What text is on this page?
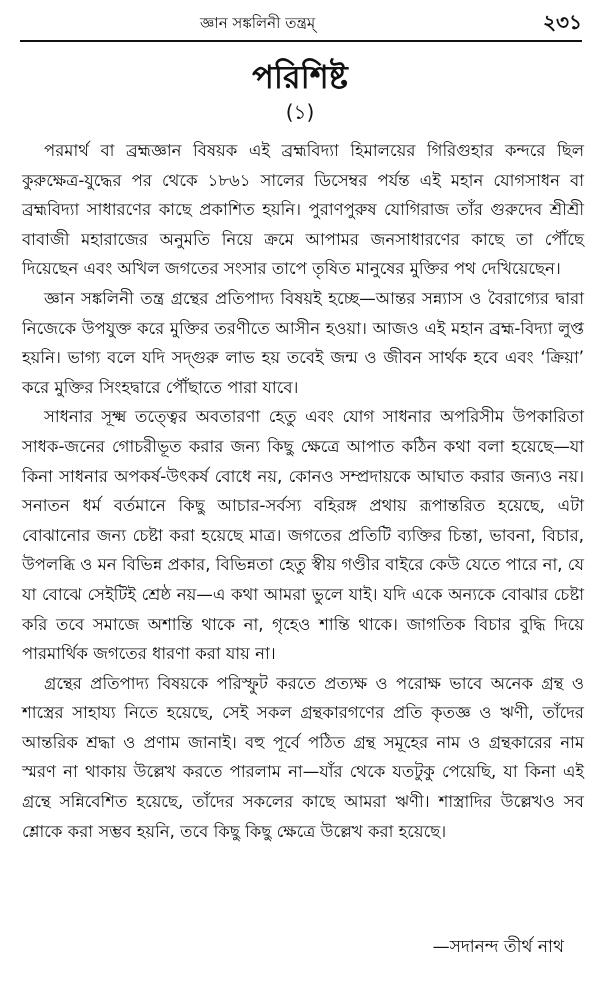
জ্ঞান সঙ্কলিনী তন্ত্রম্	২৩১
পরিশিষ্ট
(১)

পরমার্থ বা ব্রহ্মজ্ঞান বিষয়ক এই ব্রহ্মবিদ্যা হিমালয়ের গিরিগুহার কন্দরে ছিল কুরুক্ষেত্র-যুদ্ধের পর থেকে ১৮৬১ সালের ডিসেম্বর পর্যন্ত এই মহান যোগসাধন বা ব্রহ্মবিদ্যা সাধারণের কাছে প্রকাশিত হয়নি। পুরাণপুরুষ যোগিরাজ তাঁর গুরুদেব শ্রীশ্রী বাবাজী মহারাজের অনুমতি নিয়ে ক্রমে আপামর জনসাধারণের কাছে তা পৌঁছে দিয়েছেন এবং অখিল জগতের সংসার তাপে তৃষিত মানুষের মুক্তির পথ দেখিয়েছেন।

জ্ঞান সঙ্কলিনী তন্ত্র গ্রন্থের প্রতিপাদ্য বিষয়ই হচ্ছে—আন্তর সন্ন্যাস ও বৈরাগ্যের দ্বারা নিজেকে উপযুক্ত করে মুক্তির তরণীতে আসীন হওয়া। আজও এই মহান ব্রহ্ম-বিদ্যা লুপ্ত হয়নি। ভাগ্য বলে যদি সদ্‌গুরু লাভ হয় তবেই জন্ম ও জীবন সার্থক হবে এবং ‘ক্রিয়া’ করে মুক্তির সিংহদ্বারে পৌঁছাতে পারা যাবে।

সাধনার সূক্ষ্ম তত্ত্বের অবতারণা হেতু এবং যোগ সাধনার অপরিসীম উপকারিতা সাধক-জনের গোচরীভূত করার জন্য কিছু ক্ষেত্রে আপাত কঠিন কথা বলা হয়েছে—যা কিনা সাধনার অপকর্ষ-উৎকর্ষ বোধে নয়, কোনও সম্প্রদায়কে আঘাত করার জন্যও নয়। সনাতন ধর্ম বর্তমানে কিছু আচার-সর্বস্য বহিরঙ্গ প্রথায় রূপান্তরিত হয়েছে, এটা বোঝানোর জন্য চেষ্টা করা হয়েছে মাত্র। জগতের প্রতিটি ব্যক্তির চিন্তা, ভাবনা, বিচার, উপলব্ধি ও মন বিভিন্ন প্রকার, বিভিন্নতা হেতু স্বীয় গণ্ডীর বাইরে কেউ যেতে পারে না, যে যা বোঝে সেইটিই শ্রেষ্ঠ নয়—এ কথা আমরা ভুলে যাই। যদি একে অন্যকে বোঝার চেষ্টা করি তবে সমাজে অশান্তি থাকে না, গৃহেও শান্তি থাকে। জাগতিক বিচার বুদ্ধি দিয়ে পারমার্থিক জগতের ধারণা করা যায় না।

গ্রন্থের প্রতিপাদ্য বিষয়কে পরিস্ফুট করতে প্রত্যক্ষ ও পরোক্ষ ভাবে অনেক গ্রন্থ ও শাস্ত্রের সাহায্য নিতে হয়েছে, সেই সকল গ্রন্থকারগণের প্রতি কৃতজ্ঞ ও ঋণী, তাঁদের আন্তরিক শ্রদ্ধা ও প্রণাম জানাই। বহু পূর্বে পঠিত গ্রন্থ সমূহের নাম ও গ্রন্থকারের নাম স্মরণ না থাকায় উল্লেখ করতে পারলাম না—যাঁর থেকে যতটুকু পেয়েছি, যা কিনা এই গ্রন্থে সন্নিবেশিত হয়েছে, তাঁদের সকলের কাছে আমরা ঋণী। শাস্ত্রাদির উল্লেখও সব শ্লোকে করা সম্ভব হয়নি, তবে কিছু কিছু ক্ষেত্রে উল্লেখ করা হয়েছে।

—সদানন্দ তীর্থ নাথ
